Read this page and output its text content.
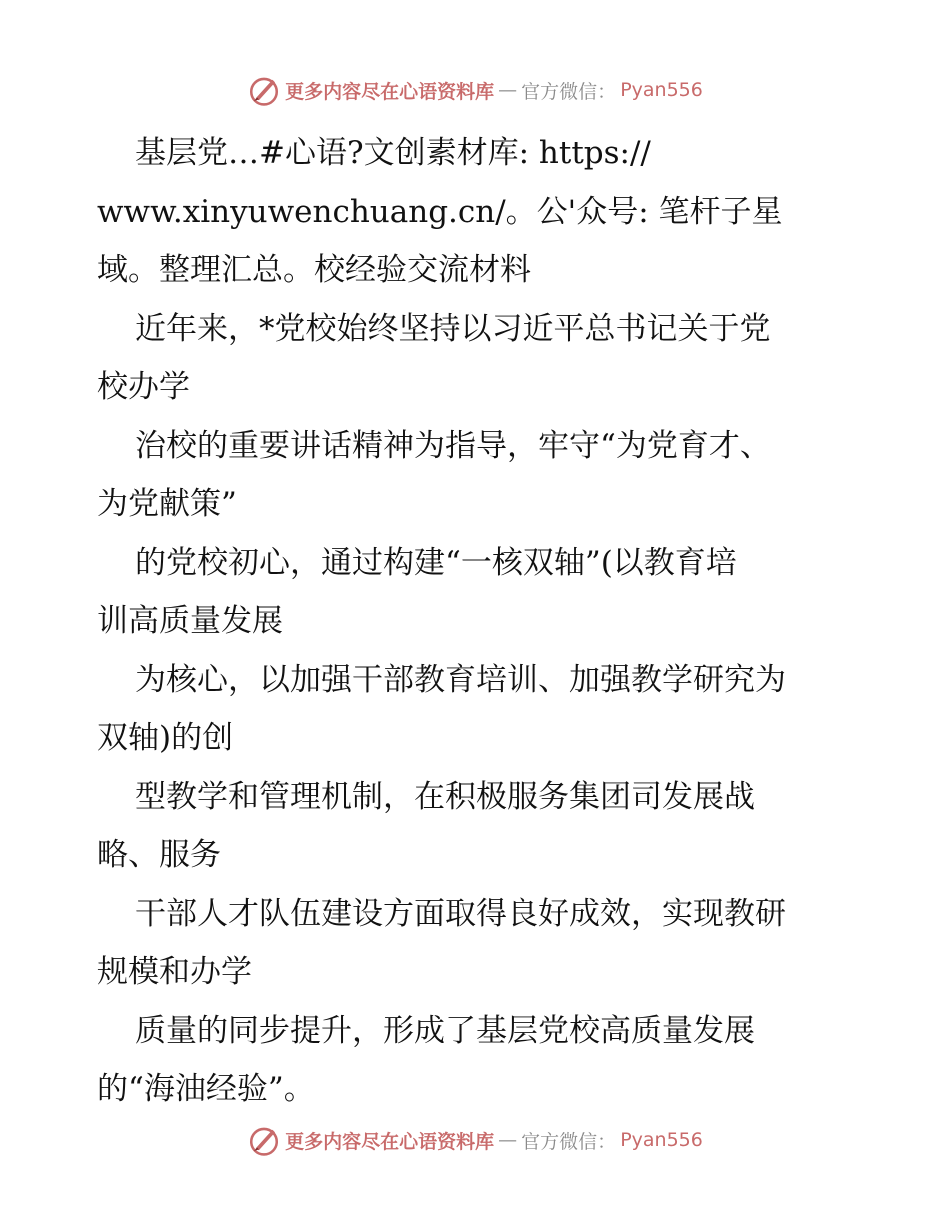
更多内容尽在心语资料库 — 官方微信： Pyan556

基层党…#心语?文创素材库: https://
www.xinyuwenchuang.cn/。公'众号: 笔杆子星
域。整理汇总。校经验交流材料
近年来，*党校始终坚持以习近平总书记关于党
校办学
治校的重要讲话精神为指导，牢守“为党育才、
为党献策”
的党校初心，通过构建“一核双轴”(以教育培
训高质量发展
为核心，以加强干部教育培训、加强教学研究为
双轴)的创
型教学和管理机制，在积极服务集团司发展战
略、服务
干部人才队伍建设方面取得良好成效，实现教研
规模和办学
质量的同步提升，形成了基层党校高质量发展
的“海油经验”。

更多内容尽在心语资料库 — 官方微信： Pyan556
